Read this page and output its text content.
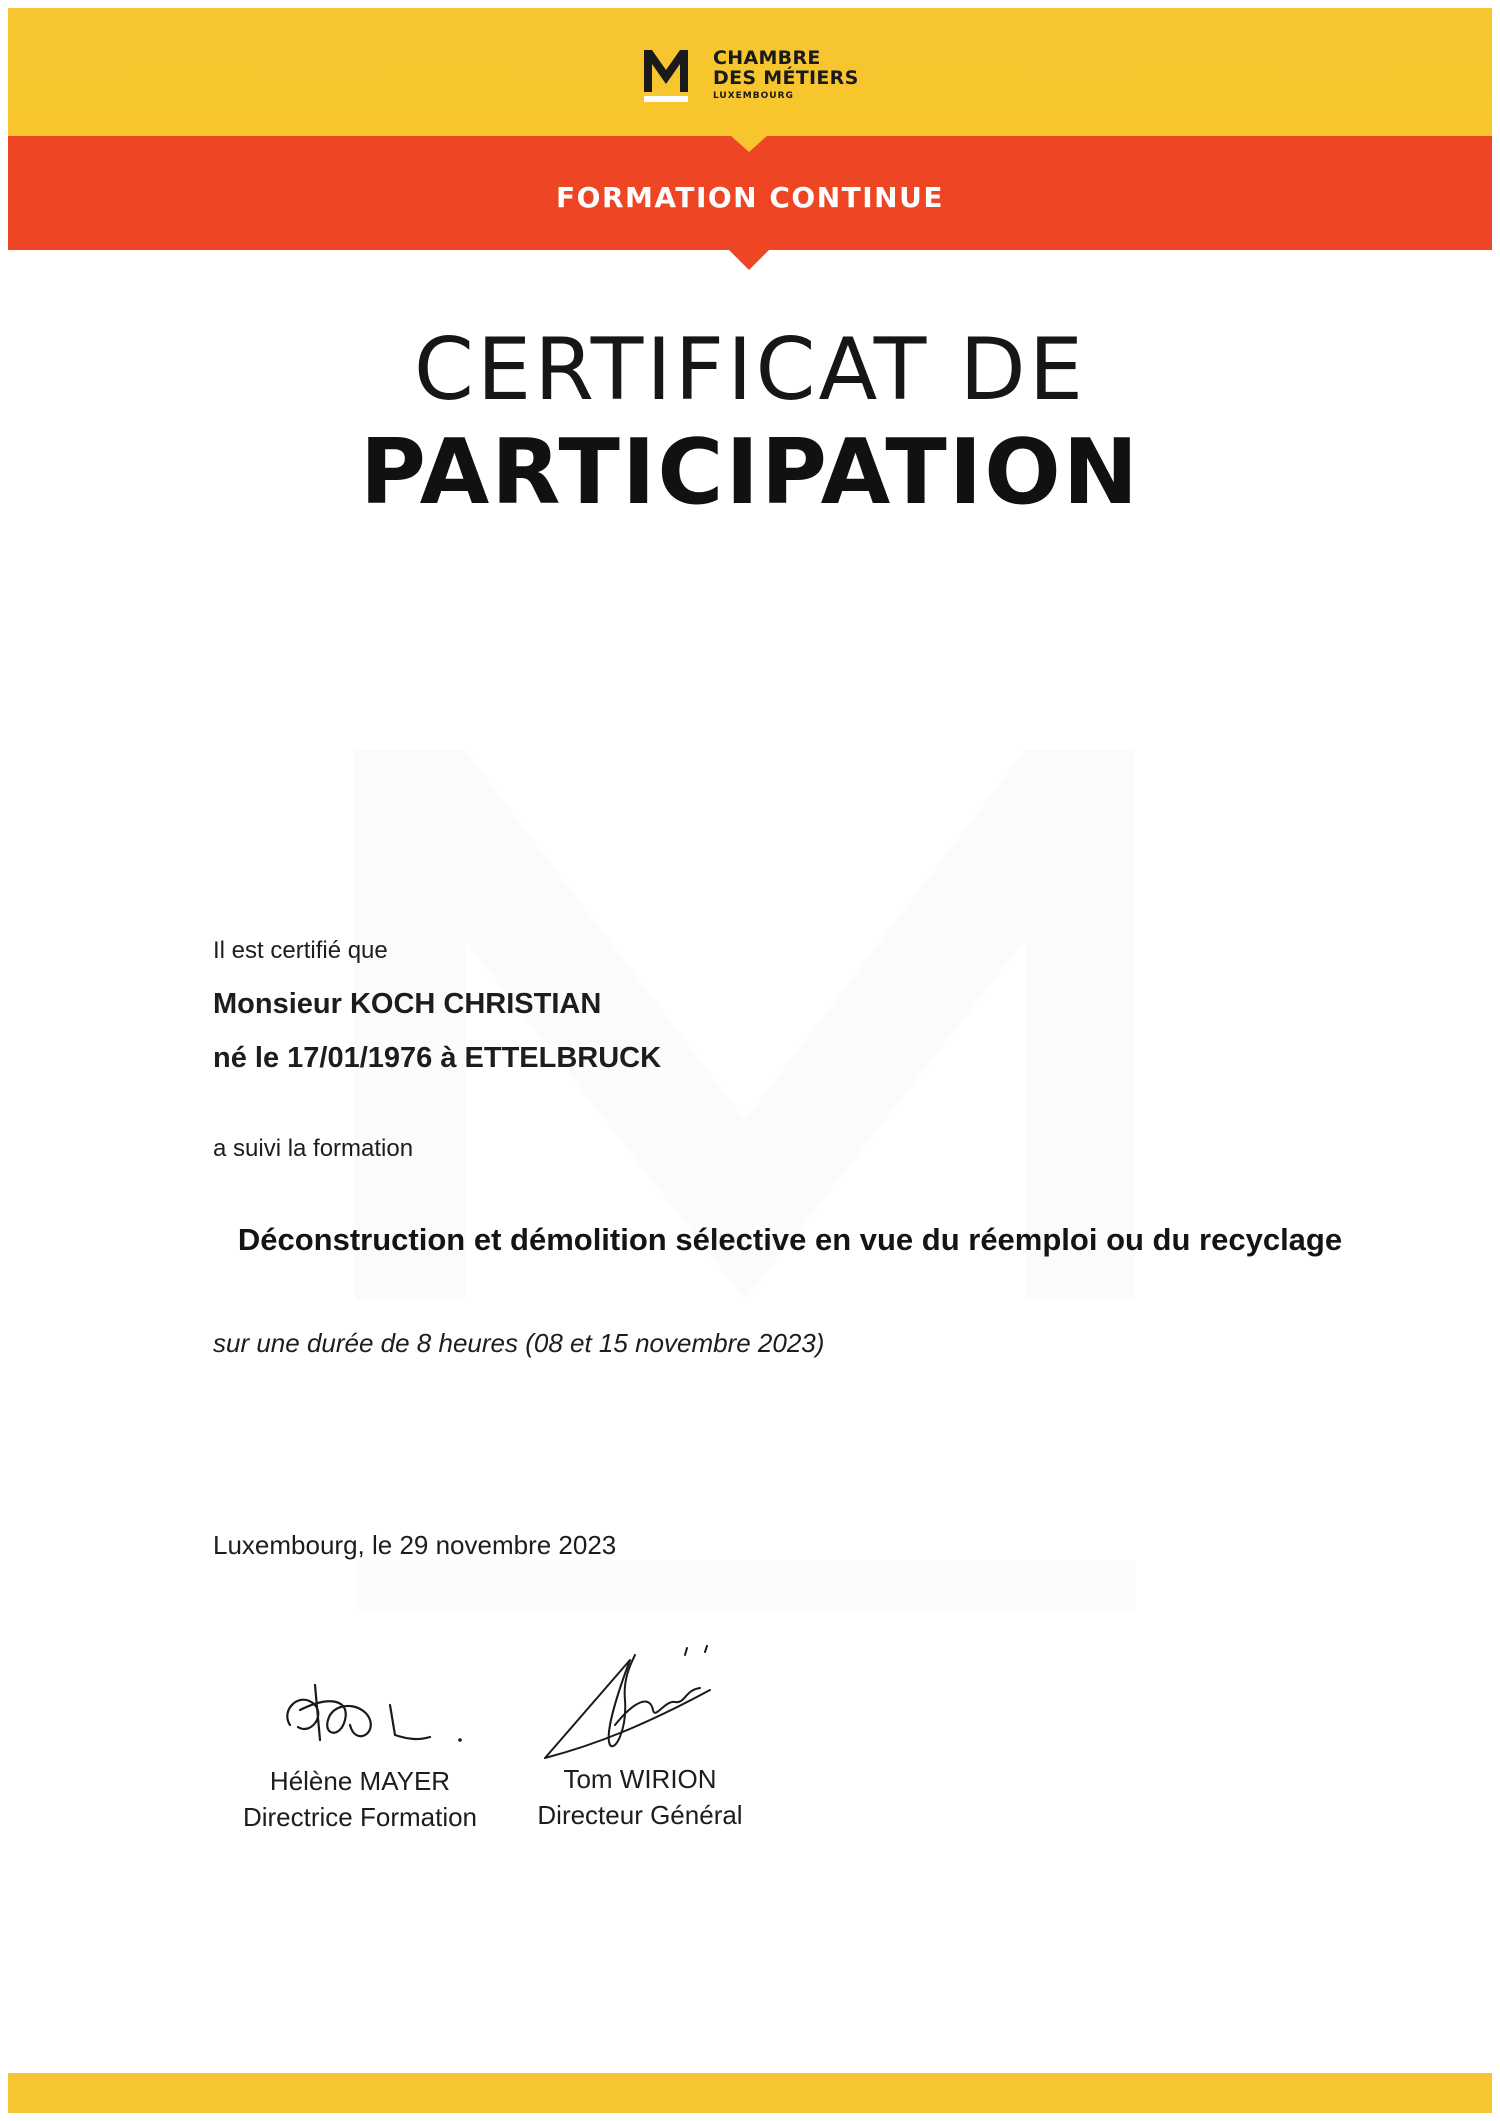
CHAMBRE
DES MÉTIERS
LUXEMBOURG
FORMATION CONTINUE
CERTIFICAT DE
PARTICIPATION
Il est certifié que
Monsieur KOCH CHRISTIAN
né le 17/01/1976 à ETTELBRUCK
a suivi la formation
Déconstruction et démolition sélective en vue du réemploi ou du recyclage
sur une durée de 8 heures (08 et 15 novembre 2023)
Luxembourg, le 29 novembre 2023
Hélène MAYER
Directrice Formation
Tom WIRION
Directeur Général
